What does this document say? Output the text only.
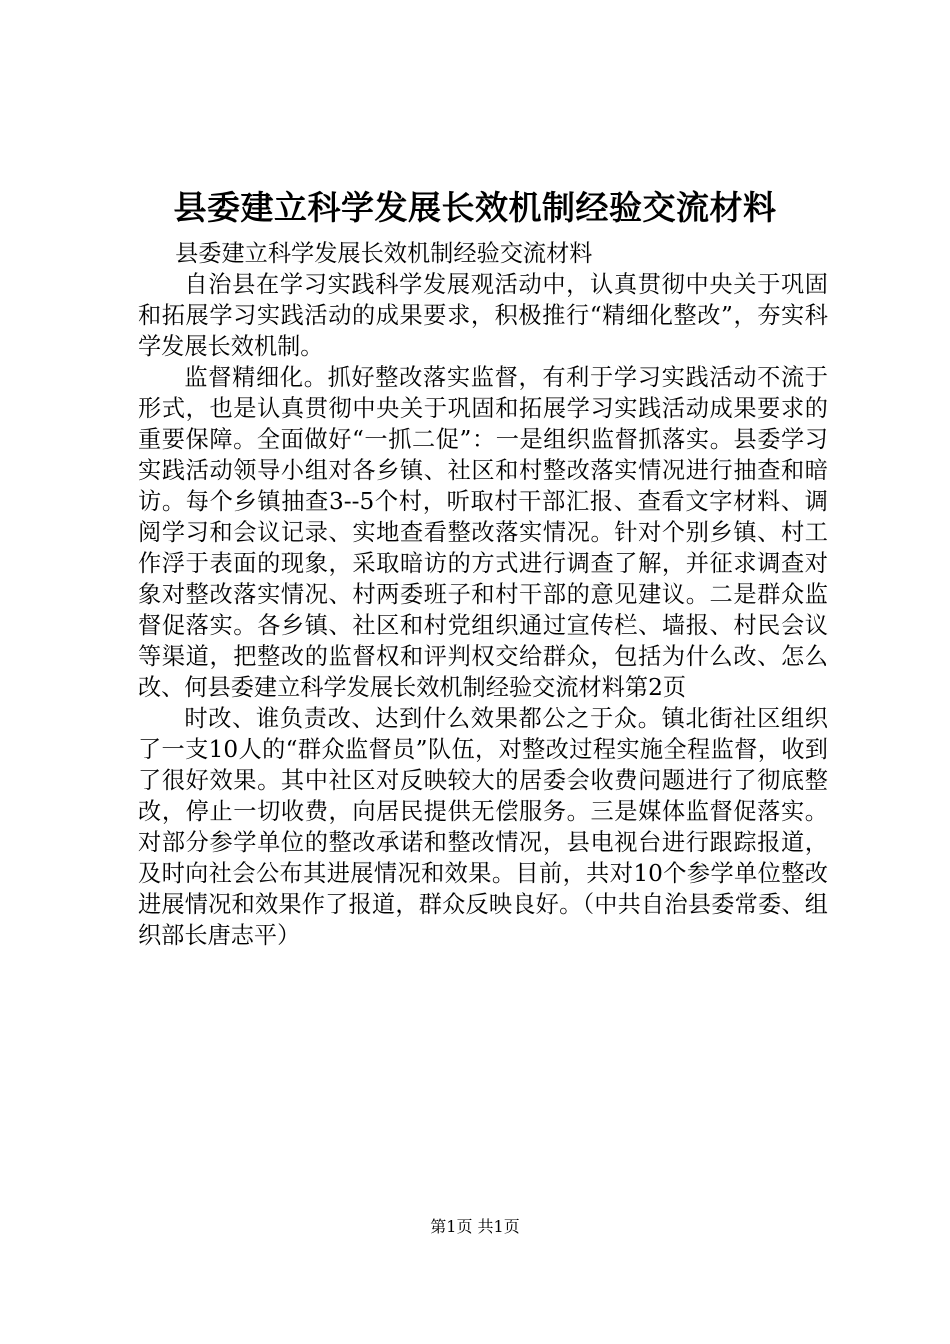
县委建立科学发展长效机制经验交流材料

县委建立科学发展长效机制经验交流材料

自治县在学习实践科学发展观活动中，认真贯彻中央关于巩固和拓展学习实践活动的成果要求，积极推行“精细化整改”，夯实科学发展长效机制。

监督精细化。抓好整改落实监督，有利于学习实践活动不流于形式，也是认真贯彻中央关于巩固和拓展学习实践活动成果要求的重要保障。全面做好“一抓二促”：一是组织监督抓落实。县委学习实践活动领导小组对各乡镇、社区和村整改落实情况进行抽查和暗访。每个乡镇抽查3--5个村，听取村干部汇报、查看文字材料、调阅学习和会议记录、实地查看整改落实情况。针对个别乡镇、村工作浮于表面的现象，采取暗访的方式进行调查了解，并征求调查对象对整改落实情况、村两委班子和村干部的意见建议。二是群众监督促落实。各乡镇、社区和村党组织通过宣传栏、墙报、村民会议等渠道，把整改的监督权和评判权交给群众，包括为什么改、怎么改、何县委建立科学发展长效机制经验交流材料第2页

时改、谁负责改、达到什么效果都公之于众。镇北街社区组织了一支10人的“群众监督员”队伍，对整改过程实施全程监督，收到了很好效果。其中社区对反映较大的居委会收费问题进行了彻底整改，停止一切收费，向居民提供无偿服务。三是媒体监督促落实。对部分参学单位的整改承诺和整改情况，县电视台进行跟踪报道，及时向社会公布其进展情况和效果。目前，共对10个参学单位整改进展情况和效果作了报道，群众反映良好。（中共自治县委常委、组织部长唐志平）

第1页 共1页
